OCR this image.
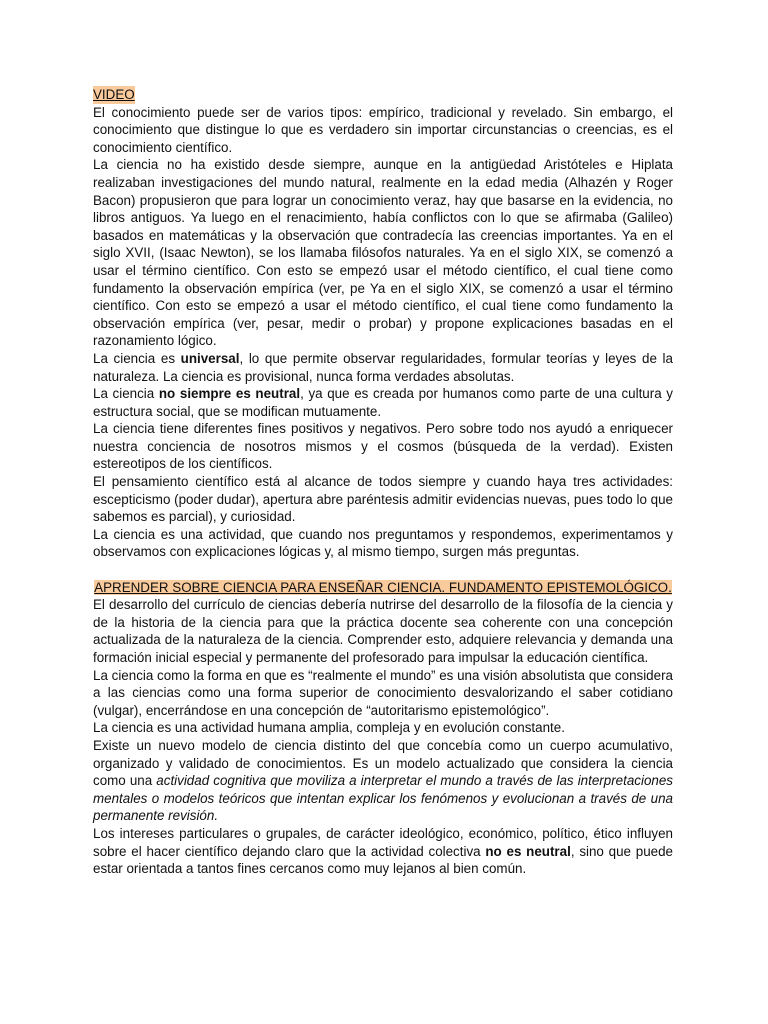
VIDEO

El conocimiento puede ser de varios tipos: empírico, tradicional y revelado. Sin embargo, el conocimiento que distingue lo que es verdadero sin importar circunstancias o creencias, es el conocimiento científico.

La ciencia no ha existido desde siempre, aunque en la antigüedad Aristóteles e Hiplata realizaban investigaciones del mundo natural, realmente en la edad media (Alhazén y Roger Bacon) propusieron que para lograr un conocimiento veraz, hay que basarse en la evidencia, no libros antiguos. Ya luego en el renacimiento, había conflictos con lo que se afirmaba (Galileo) basados en matemáticas y la observación que contradecía las creencias importantes. Ya en el siglo XVII, (Isaac Newton), se los llamaba filósofos naturales. Ya en el siglo XIX, se comenzó a usar el término científico. Con esto se empezó usar el método científico, el cual tiene como fundamento la observación empírica (ver, pe Ya en el siglo XIX, se comenzó a usar el término científico. Con esto se empezó a usar el método científico, el cual tiene como fundamento la observación empírica (ver, pesar, medir o probar) y propone explicaciones basadas en el razonamiento lógico.

La ciencia es universal, lo que permite observar regularidades, formular teorías y leyes de la naturaleza. La ciencia es provisional, nunca forma verdades absolutas.

La ciencia no siempre es neutral, ya que es creada por humanos como parte de una cultura y estructura social, que se modifican mutuamente.

La ciencia tiene diferentes fines positivos y negativos. Pero sobre todo nos ayudó a enriquecer nuestra conciencia de nosotros mismos y el cosmos (búsqueda de la verdad). Existen estereotipos de los científicos.

El pensamiento científico está al alcance de todos siempre y cuando haya tres actividades: escepticismo (poder dudar), apertura abre paréntesis admitir evidencias nuevas, pues todo lo que sabemos es parcial), y curiosidad.

La ciencia es una actividad, que cuando nos preguntamos y respondemos, experimentamos y observamos con explicaciones lógicas y, al mismo tiempo, surgen más preguntas.

APRENDER SOBRE CIENCIA PARA ENSEÑAR CIENCIA. FUNDAMENTO EPISTEMOLÓGICO.

El desarrollo del currículo de ciencias debería nutrirse del desarrollo de la filosofía de la ciencia y de la historia de la ciencia para que la práctica docente sea coherente con una concepción actualizada de la naturaleza de la ciencia. Comprender esto, adquiere relevancia y demanda una formación inicial especial y permanente del profesorado para impulsar la educación científica.

La ciencia como la forma en que es “realmente el mundo” es una visión absolutista que considera a las ciencias como una forma superior de conocimiento desvalorizando el saber cotidiano (vulgar), encerrándose en una concepción de “autoritarismo epistemológico”.

La ciencia es una actividad humana amplia, compleja y en evolución constante.

Existe un nuevo modelo de ciencia distinto del que concebía como un cuerpo acumulativo, organizado y validado de conocimientos. Es un modelo actualizado que considera la ciencia como una actividad cognitiva que moviliza a interpretar el mundo a través de las interpretaciones mentales o modelos teóricos que intentan explicar los fenómenos y evolucionan a través de una permanente revisión.

Los intereses particulares o grupales, de carácter ideológico, económico, político, ético influyen sobre el hacer científico dejando claro que la actividad colectiva no es neutral, sino que puede estar orientada a tantos fines cercanos como muy lejanos al bien común.
